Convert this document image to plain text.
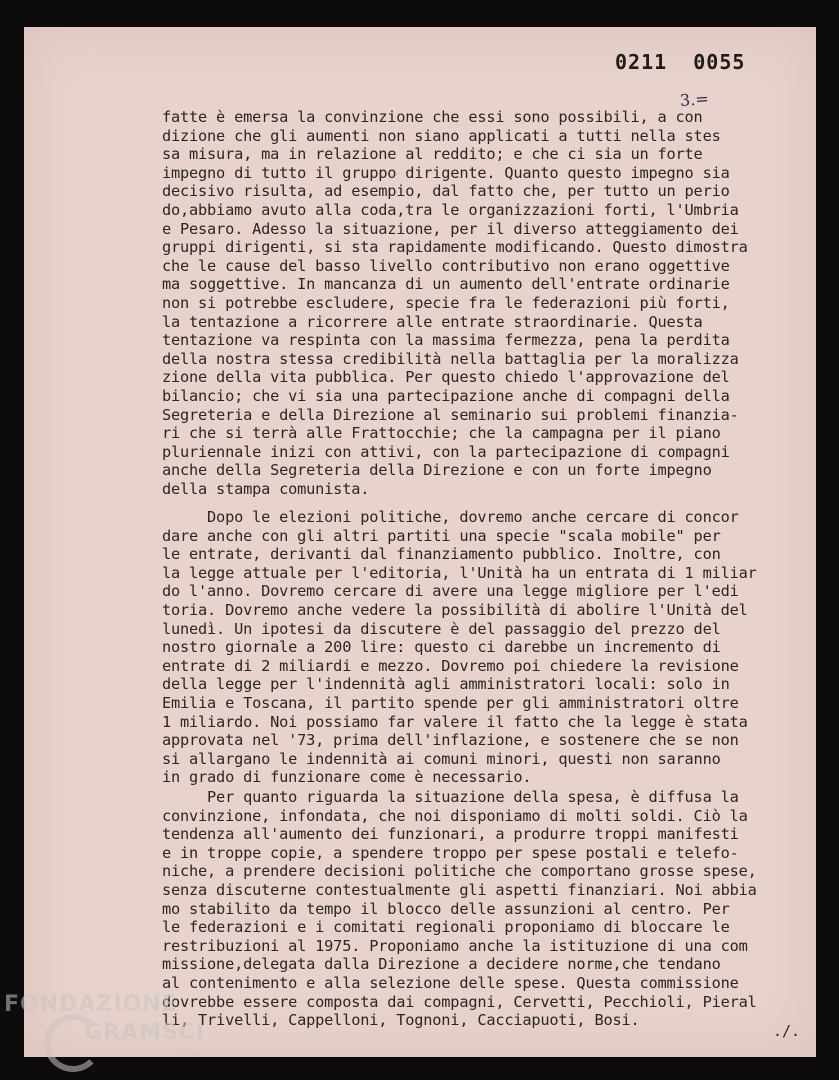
0211  0055
3.=
fatte è emersa la convinzione che essi sono possibili, a con
dizione che gli aumenti non siano applicati a tutti nella stes
sa misura, ma in relazione al reddito; e che ci sia un forte
impegno di tutto il gruppo dirigente. Quanto questo impegno sia
decisivo risulta, ad esempio, dal fatto che, per tutto un perio
do,abbiamo avuto alla coda,tra le organizzazioni forti, l'Umbria
e Pesaro. Adesso la situazione, per il diverso atteggiamento dei
gruppi dirigenti, si sta rapidamente modificando. Questo dimostra
che le cause del basso livello contributivo non erano oggettive
ma soggettive. In mancanza di un aumento dell'entrate ordinarie
non si potrebbe escludere, specie fra le federazioni più forti,
la tentazione a ricorrere alle entrate straordinarie. Questa
tentazione va respinta con la massima fermezza, pena la perdita
della nostra stessa credibilità nella battaglia per la moralizza
zione della vita pubblica. Per questo chiedo l'approvazione del
bilancio; che vi sia una partecipazione anche di compagni della
Segreteria e della Direzione al seminario sui problemi finanzia-
ri che si terrà alle Frattocchie; che la campagna per il piano
pluriennale inizi con attivi, con la partecipazione di compagni
anche della Segreteria della Direzione e con un forte impegno
della stampa comunista.
Dopo le elezioni politiche, dovremo anche cercare di concor
dare anche con gli altri partiti una specie "scala mobile" per
le entrate, derivanti dal finanziamento pubblico. Inoltre, con
la legge attuale per l'editoria, l'Unità ha un entrata di 1 miliar
do l'anno. Dovremo cercare di avere una legge migliore per l'edi
toria. Dovremo anche vedere la possibilità di abolire l'Unità del
lunedì. Un ipotesi da discutere è del passaggio del prezzo del
nostro giornale a 200 lire: questo ci darebbe un incremento di
entrate di 2 miliardi e mezzo. Dovremo poi chiedere la revisione
della legge per l'indennità agli amministratori locali: solo in
Emilia e Toscana, il partito spende per gli amministratori oltre
1 miliardo. Noi possiamo far valere il fatto che la legge è stata
approvata nel '73, prima dell'inflazione, e sostenere che se non
si allargano le indennità ai comuni minori, questi non saranno
in grado di funzionare come è necessario.
Per quanto riguarda la situazione della spesa, è diffusa la
convinzione, infondata, che noi disponiamo di molti soldi. Ciò la
tendenza all'aumento dei funzionari, a produrre troppi manifesti
e in troppe copie, a spendere troppo per spese postali e telefo-
niche, a prendere decisioni politiche che comportano grosse spese,
senza discuterne contestualmente gli aspetti finanziari. Noi abbia
mo stabilito da tempo il blocco delle assunzioni al centro. Per
le federazioni e i comitati regionali proponiamo di bloccare le
restribuzioni al 1975. Proponiamo anche la istituzione di una com
missione,delegata dalla Direzione a decidere norme,che tendano
al contenimento e alla selezione delle spese. Questa commissione
dovrebbe essere composta dai compagni, Cervetti, Pecchioli, Pieral
li, Trivelli, Cappelloni, Tognoni, Cacciapuoti, Bosi.
./.
FONDAZIONE
GRAMSCI
onlus
